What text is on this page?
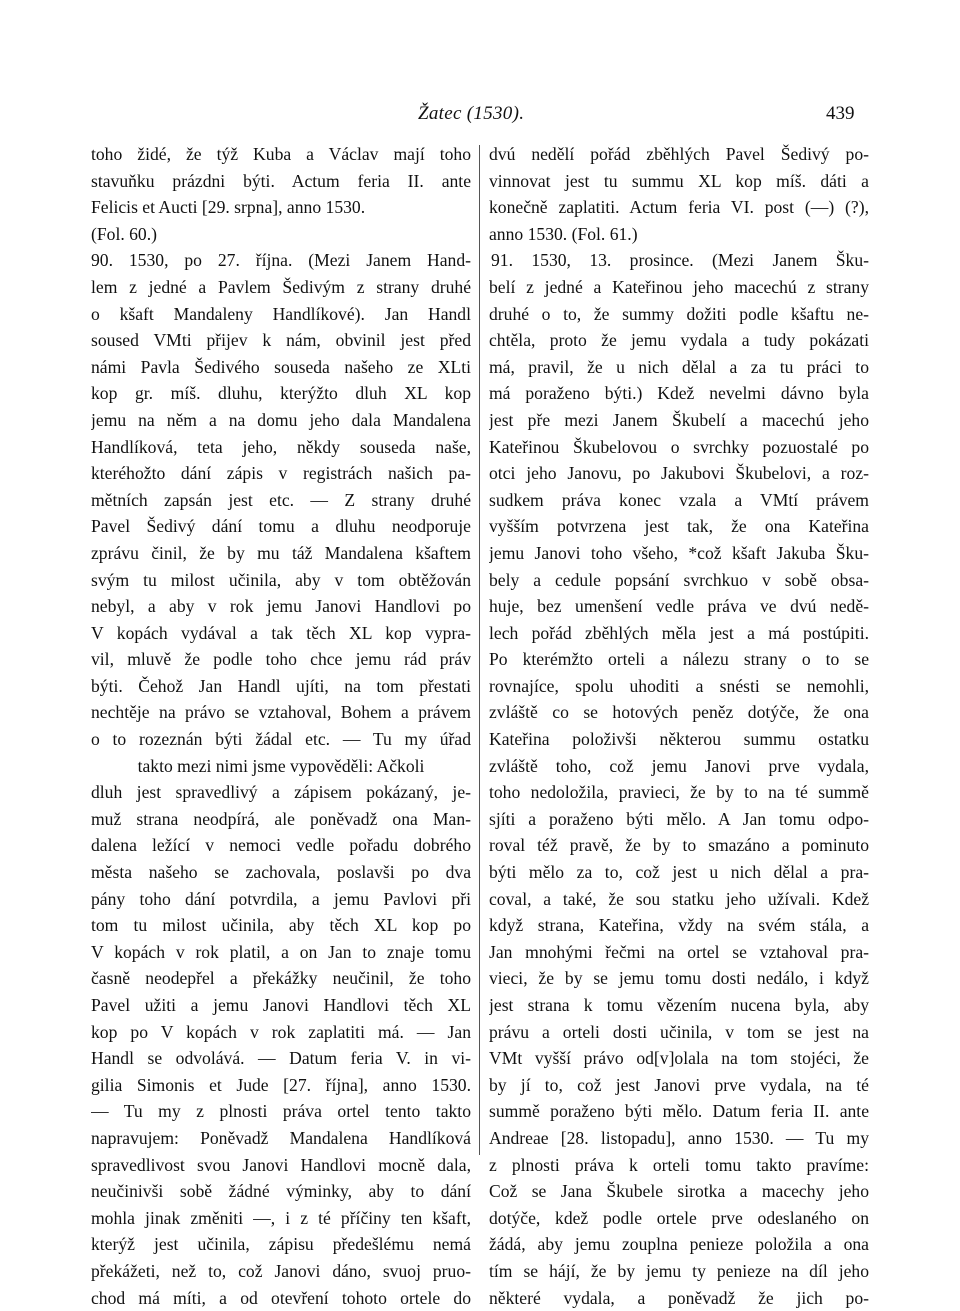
Žatec (1530).	439
toho židé, že týž Kuba a Václav mají toho
stavuňku prázdni býti. Actum feria II. ante
Felicis et Aucti [29. srpna], anno 1530.
(Fol. 60.)
90. 1530, po 27. října. (Mezi Janem Hand-
lem z jedné a Pavlem Šedivým z strany druhé
o kšaft Mandaleny Handlíkové). Jan Handl
soused VMti přijev k nám, obvinil jest před
námi Pavla Šedivého souseda našeho ze XLti
kop gr. míš. dluhu, kterýžto dluh XL kop
jemu na něm a na domu jeho dala Mandalena
Handlíková, teta jeho, někdy souseda naše,
kteréhožto dání zápis v registrách našich pa-
mětních zapsán jest etc. — Z strany druhé
Pavel Šedivý dání tomu a dluhu neodporuje
zprávu činil, že by mu táž Mandalena kšaftem
svým tu milost učinila, aby v tom obtěžován
nebyl, a aby v rok jemu Janovi Handlovi po
V kopách vydával a tak těch XL kop vypra-
vil, mluvě že podle toho chce jemu rád práv
býti. Čehož Jan Handl ujíti, na tom přestati
nechtěje na právo se vztahoval, Bohem a právem
o to rozeznán býti žádal etc. — Tu my úřad
takto mezi nimi jsme vypověděli: Ačkoli
dluh jest spravedlivý a zápisem pokázaný, je-
muž strana neodpírá, ale poněvadž ona Man-
dalena ležící v nemoci vedle pořadu dobrého
města našeho se zachovala, poslavši po dva
pány toho dání potvrdila, a jemu Pavlovi při
tom tu milost učinila, aby těch XL kop po
V kopách v rok platil, a on Jan to znaje tomu
časně neodepřel a překážky neučinil, že toho
Pavel užiti a jemu Janovi Handlovi těch XL
kop po V kopách v rok zaplatiti má. — Jan
Handl se odvolává. — Datum feria V. in vi-
gilia Simonis et Jude [27. října], anno 1530.
— Tu my z plnosti práva ortel tento takto
napravujem: Poněvadž Mandalena Handlíková
spravedlivost svou Janovi Handlovi mocně dala,
neučinivši sobě žádné výminky, aby to dání
mohla jinak změniti —, i z té příčiny ten kšaft,
kterýž jest učinila, zápisu předešlému nemá
překážeti, než to, což Janovi dáno, svuoj pruo-
chod má míti, a od otevření tohoto ortele do
dvú nedělí pořád zběhlých Pavel Šedivý po-
vinnovat jest tu summu XL kop míš. dáti a
konečně zaplatiti. Actum feria VI. post (—) (?),
anno 1530. (Fol. 61.)
91. 1530, 13. prosince. (Mezi Janem Šku-
belí z jedné a Kateřinou jeho macechú z strany
druhé o to, že summy dožiti podle kšaftu ne-
chtěla, proto že jemu vydala a tudy pokázati
má, pravil, že u nich dělal a za tu práci to
má poraženo býti.) Kdež nevelmi dávno byla
jest pře mezi Janem Škubelí a macechú jeho
Kateřinou Škubelovou o svrchky pozuostalé po
otci jeho Janovu, po Jakubovi Škubelovi, a roz-
sudkem práva konec vzala a VMtí právem
vyšším potvrzena jest tak, že ona Kateřina
jemu Janovi toho všeho, *což kšaft Jakuba Šku-
bely a cedule popsání svrchkuo v sobě obsa-
huje, bez umenšení vedle práva ve dvú nedě-
lech pořád zběhlých měla jest a má postúpiti.
Po kterémžto orteli a nálezu strany o to se
rovnajíce, spolu uhoditi a snésti se nemohli,
zvláště co se hotových peněz dotýče, že ona
Kateřina položivši některou summu ostatku
zvláště toho, což jemu Janovi prve vydala,
toho nedoložila, pravieci, že by to na té summě
sjíti a poraženo býti mělo. A Jan tomu odpo-
roval též pravě, že by to smazáno a pominuto
býti mělo za to, což jest u nich dělal a pra-
coval, a také, že sou statku jeho užívali. Kdež
když strana, Kateřina, vždy na svém stála, a
Jan mnohými řečmi na ortel se vztahoval pra-
vieci, že by se jemu tomu dosti nedálo, i když
jest strana k tomu vězením nucena byla, aby
právu a orteli dosti učinila, v tom se jest na
VMt vyšší právo od[v]olala na tom stojéci, že
by jí to, což jest Janovi prve vydala, na té
summě poraženo býti mělo. Datum feria II. ante
Andreae [28. listopadu], anno 1530. — Tu my
z plnosti práva k orteli tomu takto pravíme:
Což se Jana Škubele sirotka a macechy jeho
dotýče, kdež podle ortele prve odeslaného on
žádá, aby jemu zouplna penieze položila a ona
tím se hájí, že by jemu ty penieze na díl jeho
některé vydala, a poněvadž že jich po-
